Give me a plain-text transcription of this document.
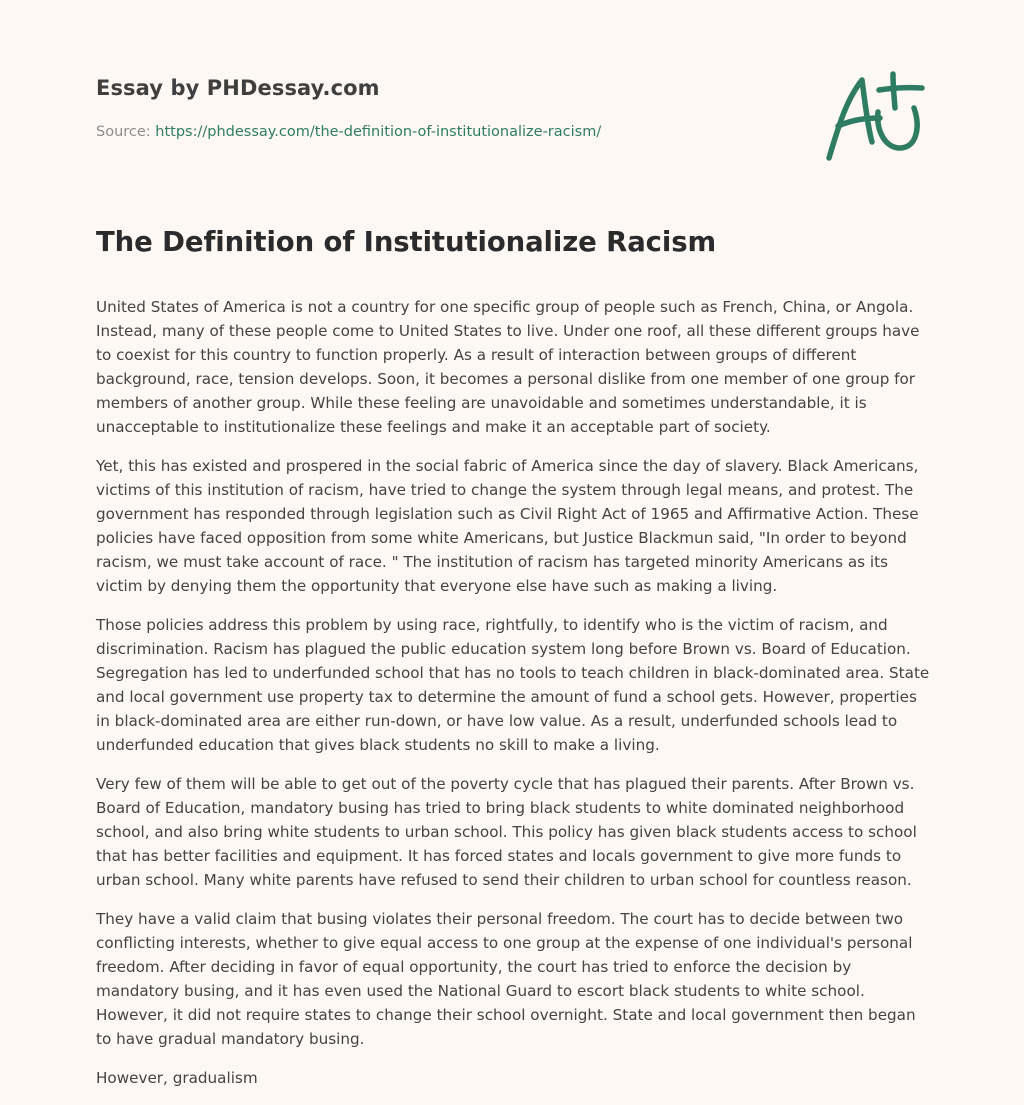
Essay by PHDessay.com
Source: https://phdessay.com/the-definition-of-institutionalize-racism/
The Definition of Institutionalize Racism

United States of America is not a country for one specific group of people such as French, China, or Angola. Instead, many of these people come to United States to live. Under one roof, all these different groups have to coexist for this country to function properly. As a result of interaction between groups of different background, race, tension develops. Soon, it becomes a personal dislike from one member of one group for members of another group. While these feeling are unavoidable and sometimes understandable, it is unacceptable to institutionalize these feelings and make it an acceptable part of society.

Yet, this has existed and prospered in the social fabric of America since the day of slavery. Black Americans, victims of this institution of racism, have tried to change the system through legal means, and protest. The government has responded through legislation such as Civil Right Act of 1965 and Affirmative Action. These policies have faced opposition from some white Americans, but Justice Blackmun said, "In order to beyond racism, we must take account of race. " The institution of racism has targeted minority Americans as its victim by denying them the opportunity that everyone else have such as making a living.

Those policies address this problem by using race, rightfully, to identify who is the victim of racism, and discrimination. Racism has plagued the public education system long before Brown vs. Board of Education. Segregation has led to underfunded school that has no tools to teach children in black-dominated area. State and local government use property tax to determine the amount of fund a school gets. However, properties in black-dominated area are either run-down, or have low value. As a result, underfunded schools lead to underfunded education that gives black students no skill to make a living.

Very few of them will be able to get out of the poverty cycle that has plagued their parents. After Brown vs. Board of Education, mandatory busing has tried to bring black students to white dominated neighborhood school, and also bring white students to urban school. This policy has given black students access to school that has better facilities and equipment. It has forced states and locals government to give more funds to urban school. Many white parents have refused to send their children to urban school for countless reason.

They have a valid claim that busing violates their personal freedom. The court has to decide between two conflicting interests, whether to give equal access to one group at the expense of one individual's personal freedom. After deciding in favor of equal opportunity, the court has tried to enforce the decision by mandatory busing, and it has even used the National Guard to escort black students to white school. However, it did not require states to change their school overnight. State and local government then began to have gradual mandatory busing.

However, gradualism
